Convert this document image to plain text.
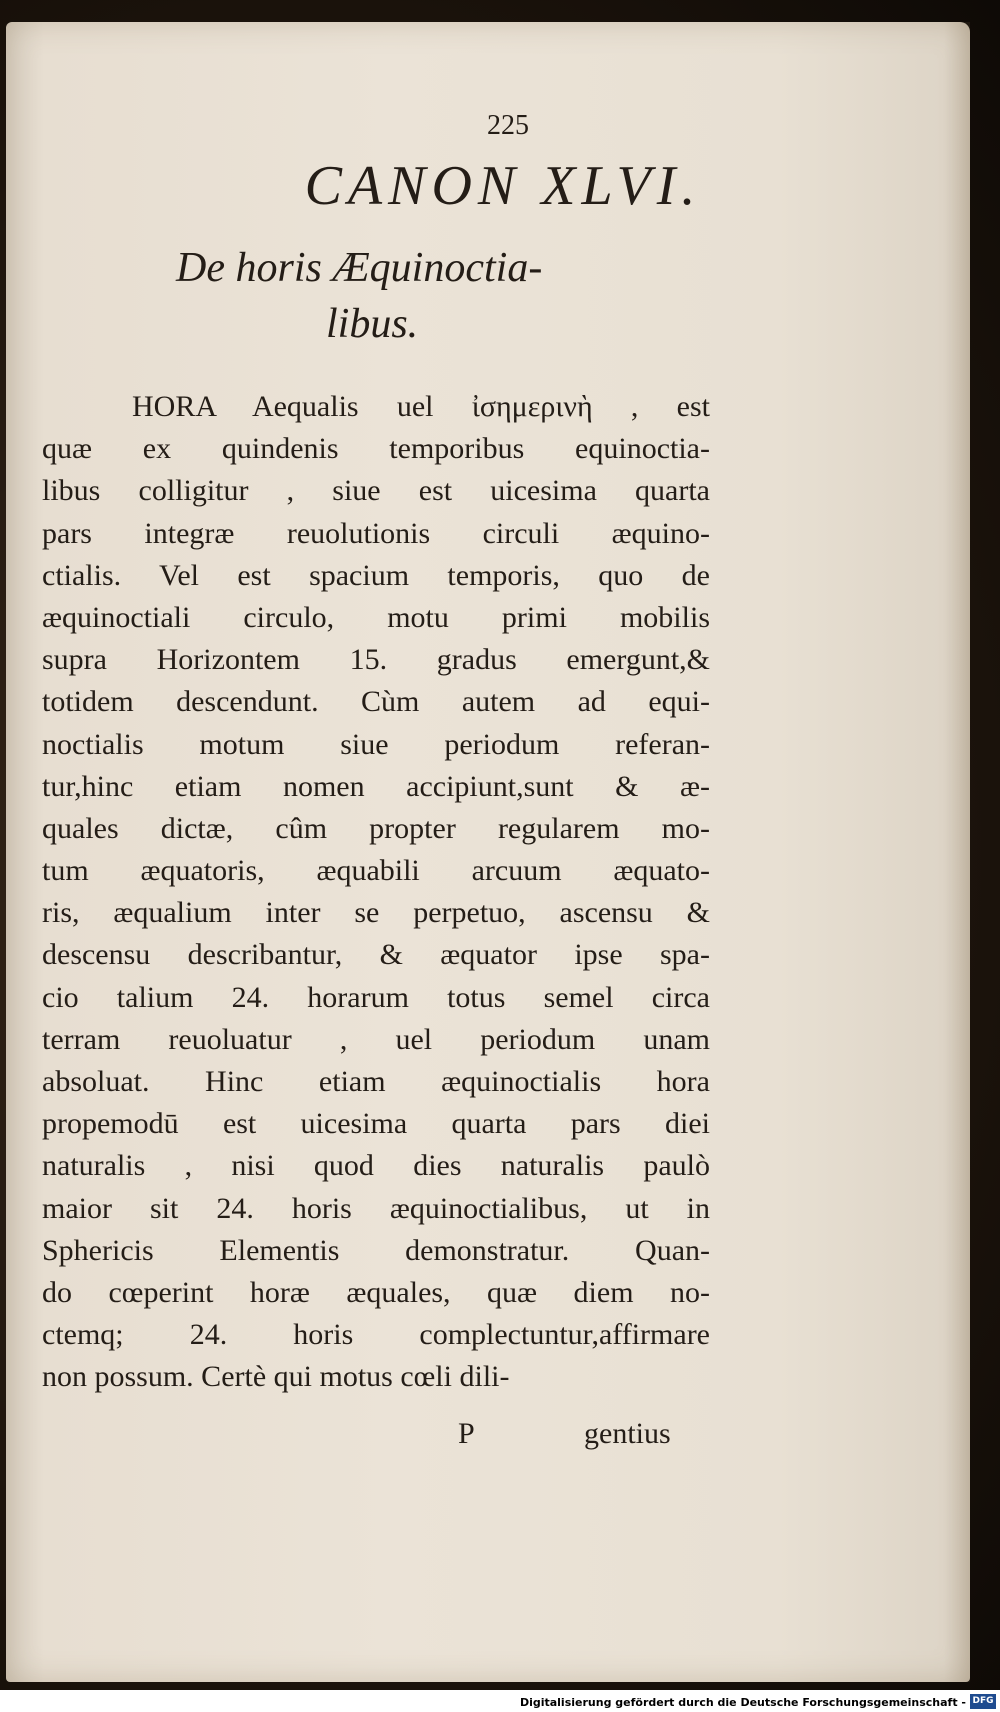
225
CANON XLVI.
De horis Æquinoctia-
libus.
HORA Aequalis uel ἰσημερινὴ , est
quæ ex quindenis temporibus equinoctia-
libus colligitur , siue est uicesima quarta
pars integræ reuolutionis circuli æquino-
ctialis. Vel est spacium temporis, quo de
æquinoctiali circulo, motu primi mobilis
supra Horizontem 15. gradus emergunt,&
totidem descendunt. Cùm autem ad equi-
noctialis motum siue periodum referan-
tur,hinc etiam nomen accipiunt,sunt & æ-
quales dictæ, cûm propter regularem mo-
tum æquatoris, æquabili arcuum æquato-
ris, æqualium inter se perpetuo, ascensu &
descensu describantur, & æquator ipse spa-
cio talium 24. horarum totus semel circa
terram reuoluatur , uel periodum unam
absoluat. Hinc etiam æquinoctialis hora
propemodū est uicesima quarta pars diei
naturalis , nisi quod dies naturalis paulò
maior sit 24. horis æquinoctialibus, ut in
Sphericis Elementis demonstratur. Quan-
do cœperint horæ æquales, quæ diem no-
ctemq; 24. horis complectuntur,affirmare
non possum. Certè qui motus cœli dili-
P	gentius
Digitalisierung gefördert durch die Deutsche Forschungsgemeinschaft - DFG
